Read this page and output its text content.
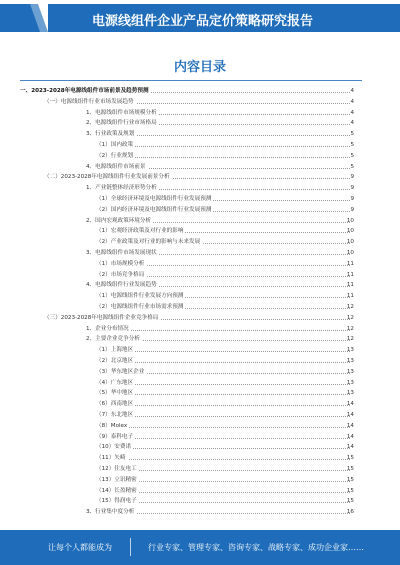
电源线组件企业产品定价策略研究报告
内容目录
一、2023-2028年电源线组件市场前景及趋势预测	4
（一）电源线组件行业市场发展趋势	4
1、电源线组件市场规模分析	4
2、电源线组件行业市场格局	4
3、行业政策及规划	5
（1）国内政策	5
（2）行业规划	5
4、电源线组件市场前景	5
（二）2023-2028年电源线组件行业发展前景分析	9
1、产业链整体经济形势分析	9
（1）全球经济环境及电源线组件行业发展预测	9
（2）国内经济环境及电源线组件行业发展预测	9
2、国内宏观政策环境分析	10
（1）宏观经济政策及对行业的影响	10
（2）产业政策及对行业的影响与未来发展	10
3、电源线组件市场发展现状	10
（1）市场规模分析	11
（2）市场竞争格局	11
4、电源线组件行业发展趋势	11
（1）电源线组件行业发展方向预测	11
（2）电源线组件行业市场需求预测	12
（三）2023-2028年电源线组件企业竞争格局	12
1、企业分布情况	12
2、主要企业竞争分析	12
（1）上海地区	13
（2）北京地区	13
（3）华东地区企业	13
（4）广东地区	13
（5）华中地区	13
（6）西南地区	14
（7）东北地区	14
（8）Molex	14
（9）泰科电子	14
（10）安费诺	14
（11）矢崎	15
（12）住友电工	15
（13）立讯精密	15
（14）长盈精密	15
（15）得润电子	15
3、行业集中度分析	16
让每个人都能成为	行业专家、管理专家、咨询专家、战略专家、成功企业家……
